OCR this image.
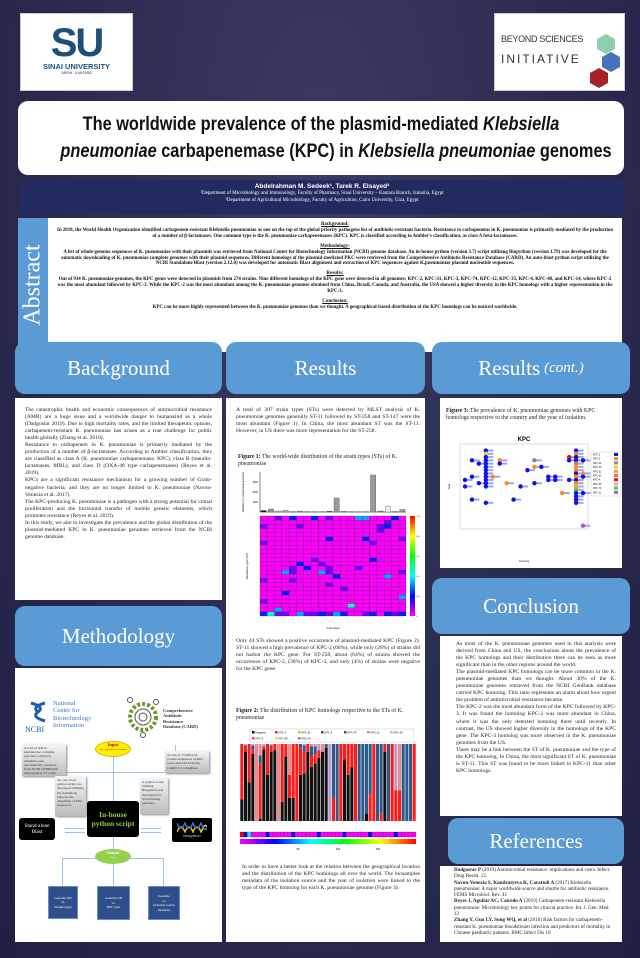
SU
SINAI UNIVERSITY
ARISH - KANTARA
BEYOND SCIENCES
INITIATIVE
The worldwide prevalence of the plasmid-mediated Klebsiella
pneumoniae carbapenemase (KPC) in Klebsiella pneumoniae genomes
Abdelrahman M. Sedeek¹, Tarek R. Elsayed²
¹Department of Microbiology and Immunology, Faculty of Pharmacy, Sinai University – Kantara Branch, Ismailia, Egypt
²Department of Agricultural Microbiology, Faculty of Agriculture, Cairo University, Giza, Egypt
Abstract
Background:

In 2018, the World Health Organization identified carbapenem-resistant Klebsiella pneumoniae as one on the top of the global priority pathogens list of antibiotic-resistant bacteria. Resistance to carbapenems in K. pneumoniae is primarily mediated by the production of a number of β-lactamases. One common type is the K. pneumoniae carbapenemases (KPC). KPC is classified according to Ambler's classification, as class A beta-lactamases.

Methodology:

A list of whole-genome sequences of K. pneumoniae with their plasmids was retrieved from National Center for Biotechnology Information (NCBI) genome database. An in-house python (version 3.7) script utilizing Biopython (version 1.79) was developed for the automatic downloading of K. pneumoniae complete genomes with their plasmid sequences. Different homologs of the plasmid-mediated PKC were retrieved from the Comprehensive Antibiotic Resistance Database (CARD). An auto-blast python script utilizing the NCBI Standalone Blast (version 2.12.0) was developed for automatic Blast alignment and extraction of KPC sequences against K.pneumoniae plasmid nucleotide sequences.

Results:

Out of 934 K. pneumoniae genomes, the KPC genes were detected in plasmids from 274 strains. Nine different homologs of the KPC gene were detected in all genomes; KPC-2, KPC-31, KPC-3, KPC-74, KPC-12, KPC-33, KPC-4, KPC-40, and KPC-14, where KPC-2 was the most abundant followed by KPC-3. While the KPC-2 was the most abundant among the K. pneumoniae genomes obtained from China, Brazil, Canada, and Australia, the USA showed a higher diversity in the KPC homologs with a higher representation in the KPC-3.

Conclusion:

KPC can be more highly represented between the K. pneumoniae genomes than we thought. A geographical-based distribution of the KPC homologs can be noticed worldwide.

Background

The catastrophic health and economic consequences of antimicrobial resistance (AMR) are a huge issue and a worldwide danger to humankind as a whole (Dadgostar 2019). Due to high mortality rates, and the limited therapeutic options, carbapenem-resistant K. pneumoniae has arisen as a true challenge for public health globally (Zhang et al. 2018).

Resistance to carbapenem in K. pneumoniae is primarily mediated by the production of a number of β-lactamases. According to Ambler classification, they are classified as class A (K. pneumoniae carbapenemase, KPC), class B (metallo-lactamases, MBL), and class D (OXA-48 type carbapenemases) (Reyes et al. 2019).

KPCs are a significant resistance mechanism for a growing number of Gram-negative bacteria, and they are no longer limited to K. pneumoniae (Navon-Venezia et al. 2017).

The KPC-producing K. pneumoniae is a pathogen with a strong potential for clonal proliferation and the horizontal transfer of mobile genetic elements, which promotes resistance (Reyes et al. 2019).

In this study, we aim to investigate the prevalence and the global distribution of the plasmid-mediated KPC in K. pneumoniae genomes retrieved from the NCBI genome database.

Methodology
NCBI
National
Center for
Biotechnology
Information
Comprehensive
Antibiotic
Resistance
Database (CARD)
Input
list of genomes accessions
A total of 934 K. pneumoniae complete genomes with their plasmids were automatically retrieved from NCBI GENBANK using python 3.7 script
A total of 73 different protein sequences of KPC were retrieved from the CARD 3.1.4 database
An auto-blast python script was developed utilizing the standalone blast for the alignment of KPC sequences
A python script utilizing Biopython was developed for downloading genomes
Stand-alone Blast
In-house
python script
biopython
Output
Lists
Genome UD
vs.
Strains types
Genome UD
vs.
KPC type
Genome
vs.
Isolation source metadata
Results

A total of 207 strain types (STs) were detected by MLST analysis of K. pneumoniae genomes generally ST-11 followed by ST-258 and ST-147 were the most abundant (Figure 1). In China, the most abundant ST was the ST-11. However, in US there was more representation for the ST-258.

Figure 1: The world-wide distribution of the strain types (STs) of K. pneumoniae

1000
2000
3000
Number of K. pneumoniae genomes
Sequence type (ST)
0
0.2
0.4
0.6
0.8
1.0
Countries

Only 44 STs showed a positive occurrence of plasmid-mediated KPC (Figure 2). ST-11 showed a high prevalence of KPC-2 (68%), while only (28%) of strains did not harbor the KPC gene. For ST-258, about (64%) of strains showed the occurrence of KPC-2, (30%) of KPC-3, and only (4%) of strains were negative for the KPC gene.

Figure 2: The distribution of KPC homologs respective to the STs of K. pneumoniae

Negative	KPC-2	KPC-31	KPC-3	KPC-74	KPC-12	KPC-33
KPC-4	KPC-40	KPC-14
50	100	150

In order to have a better look at the relation between the geographical location and the distribution of the KPC homologs all over the world. The biosamples metadata of the isolation source and the year of isolation were linked to the type of the KPC homolog for each K. pneumoniae genome (Figure 3).

Results (cont.)

Figure 3: The prevalence of K. pneumoniae genomes with KPC homologs respective to the country and the year of isolation.

KPC
Year
Country
KPC-2
KPC-3
KPC-12
KPC-14
KPC-31
KPC-33
KPC-4
KPC-40
KPC-74
KPC-11
Conclusion

As most of the K. pneumoniae genomes used in this analysis were derived from China and US, the conclusions about the prevalence of the KPC homologs and their distribution there can be seen as more significant than in the other regions around the world.

The plasmid-mediated KPC homologs can be more common in the K. pneumoniae genomes than we thought. About 30% of the K. pneumoniae genomes retrieved from the NCBI GenBank database carried KPC homolog. This ratio represents an alarm about how urgent the problem of antimicrobial resistance became.

The KPC-2 was the most abundant form of the KPC followed by KPC-3. It was found the homolog KPC-2 was more abundant in China, where it was the only detected homolog there until recently. In contrast, the US showed higher diversity in the homologs of the KPC gene. The KPC-3 homolog was more observed in the K. pneumoniae genomes from the US.

There may be a link between the ST of K. pneumoniae and the type of the KPC homolog, In China, the most significant ST of K. pneumoniae is ST-11. This ST was found to be more linked to KPC-11 than other KPC homologs.

References

Dadgostar P (2019) Antimicrobial resistance: implications and costs. Infect. Drug Resist. 12.

Navon-Venezia S, Kondratyeva K, Carattoli A (2017) Klebsiella pneumoniae: A major worldwide source and shuttle for antibiotic resistance. FEMS Microbiol. Rev. 41

Reyes J, Aguilar AC, Caicedo A (2019) Carbapenem-resistant Klebsiella pneumoniae: Microbiology key points for clinical practice. Int. J. Gen. Med. 12

Zhang Y, Guo LY, Song WQ, et al (2018) Risk factors for carbapenem-resistant K. pneumoniae bloodstream infection and predictors of mortality in Chinese paediatric patients. BMC Infect Dis 18
